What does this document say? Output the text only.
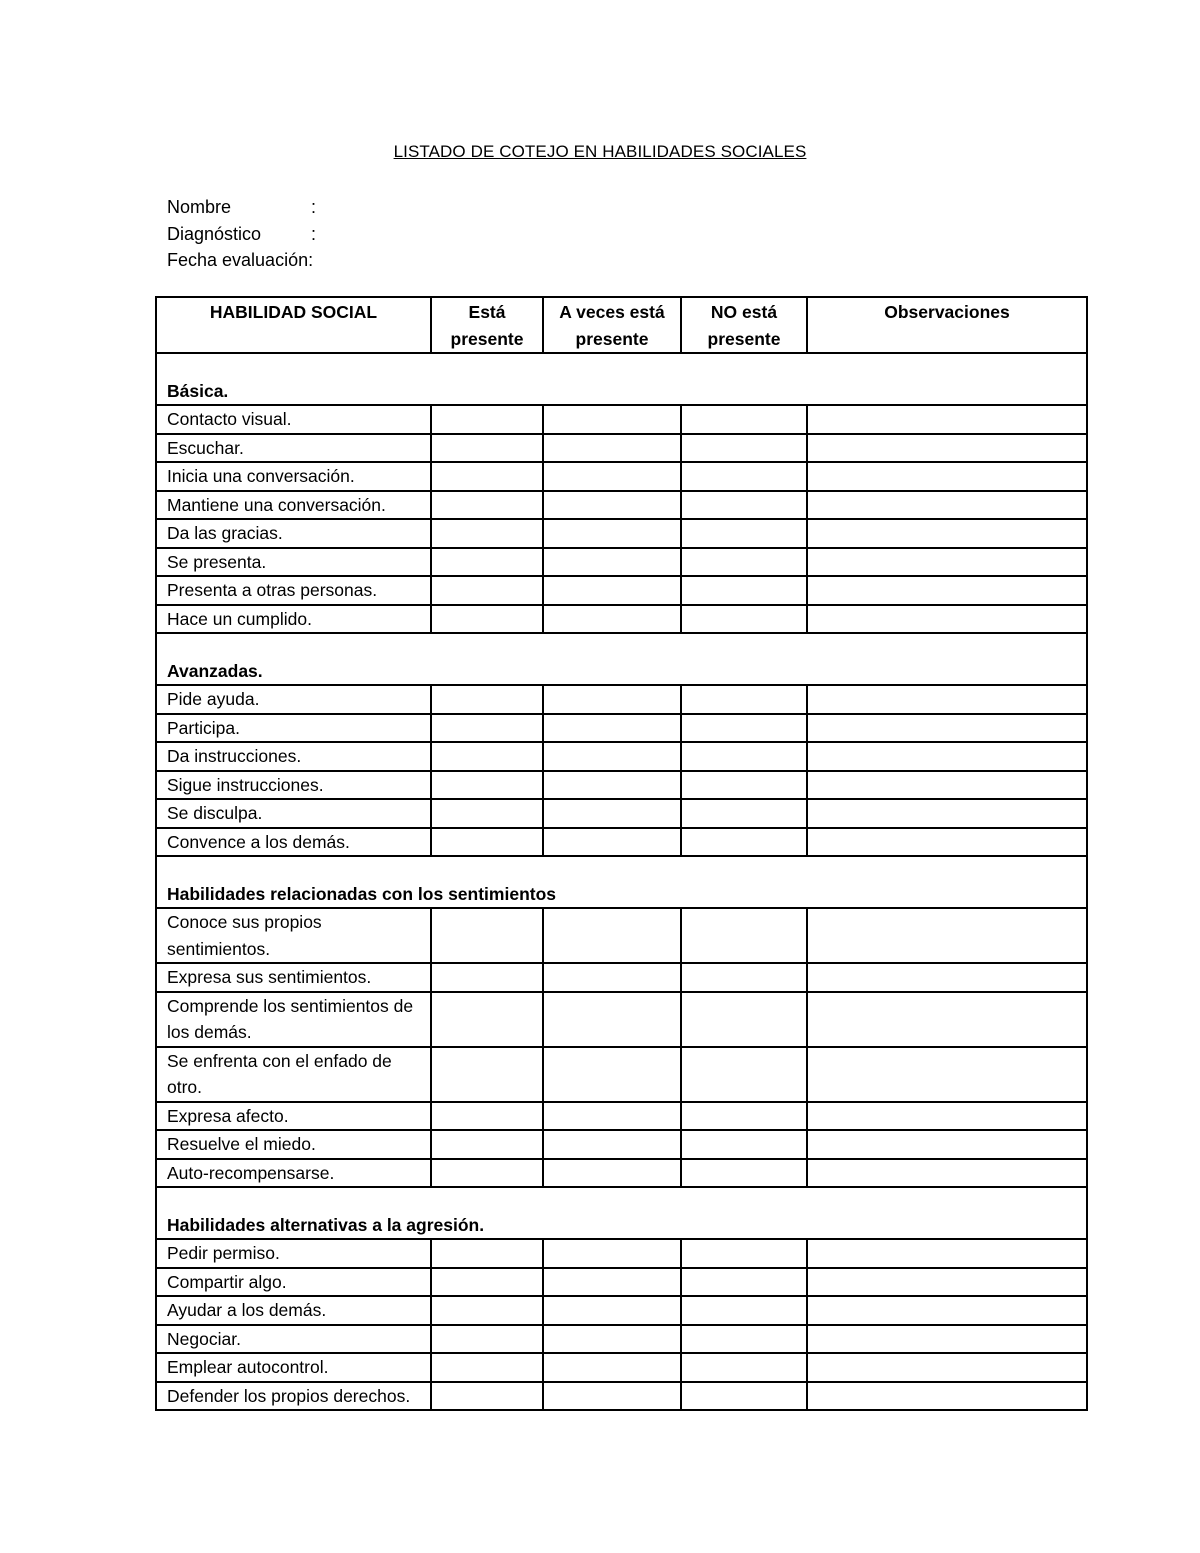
LISTADO DE COTEJO EN HABILIDADES SOCIALES
Nombre	:
Diagnóstico	:
Fecha evaluación:
HABILIDAD SOCIAL	Está presente	A veces está presente	NO está presente	Observaciones
Básica.				
Contacto visual.				
Escuchar.				
Inicia una conversación.				
Mantiene una conversación.				
Da las gracias.				
Se presenta.				
Presenta a otras personas.				
Hace un cumplido.				
Avanzadas.				
Pide ayuda.				
Participa.				
Da instrucciones.				
Sigue instrucciones.				
Se disculpa.				
Convence a los demás.				
Habilidades relacionadas con los sentimientos				
Conoce sus propios sentimientos.				
Expresa sus sentimientos.				
Comprende los sentimientos de los demás.				
Se enfrenta con el enfado de otro.				
Expresa afecto.				
Resuelve el miedo.				
Auto-recompensarse.				
Habilidades alternativas a la agresión.				
Pedir permiso.				
Compartir algo.				
Ayudar a los demás.				
Negociar.				
Emplear autocontrol.				
Defender los propios derechos.				
